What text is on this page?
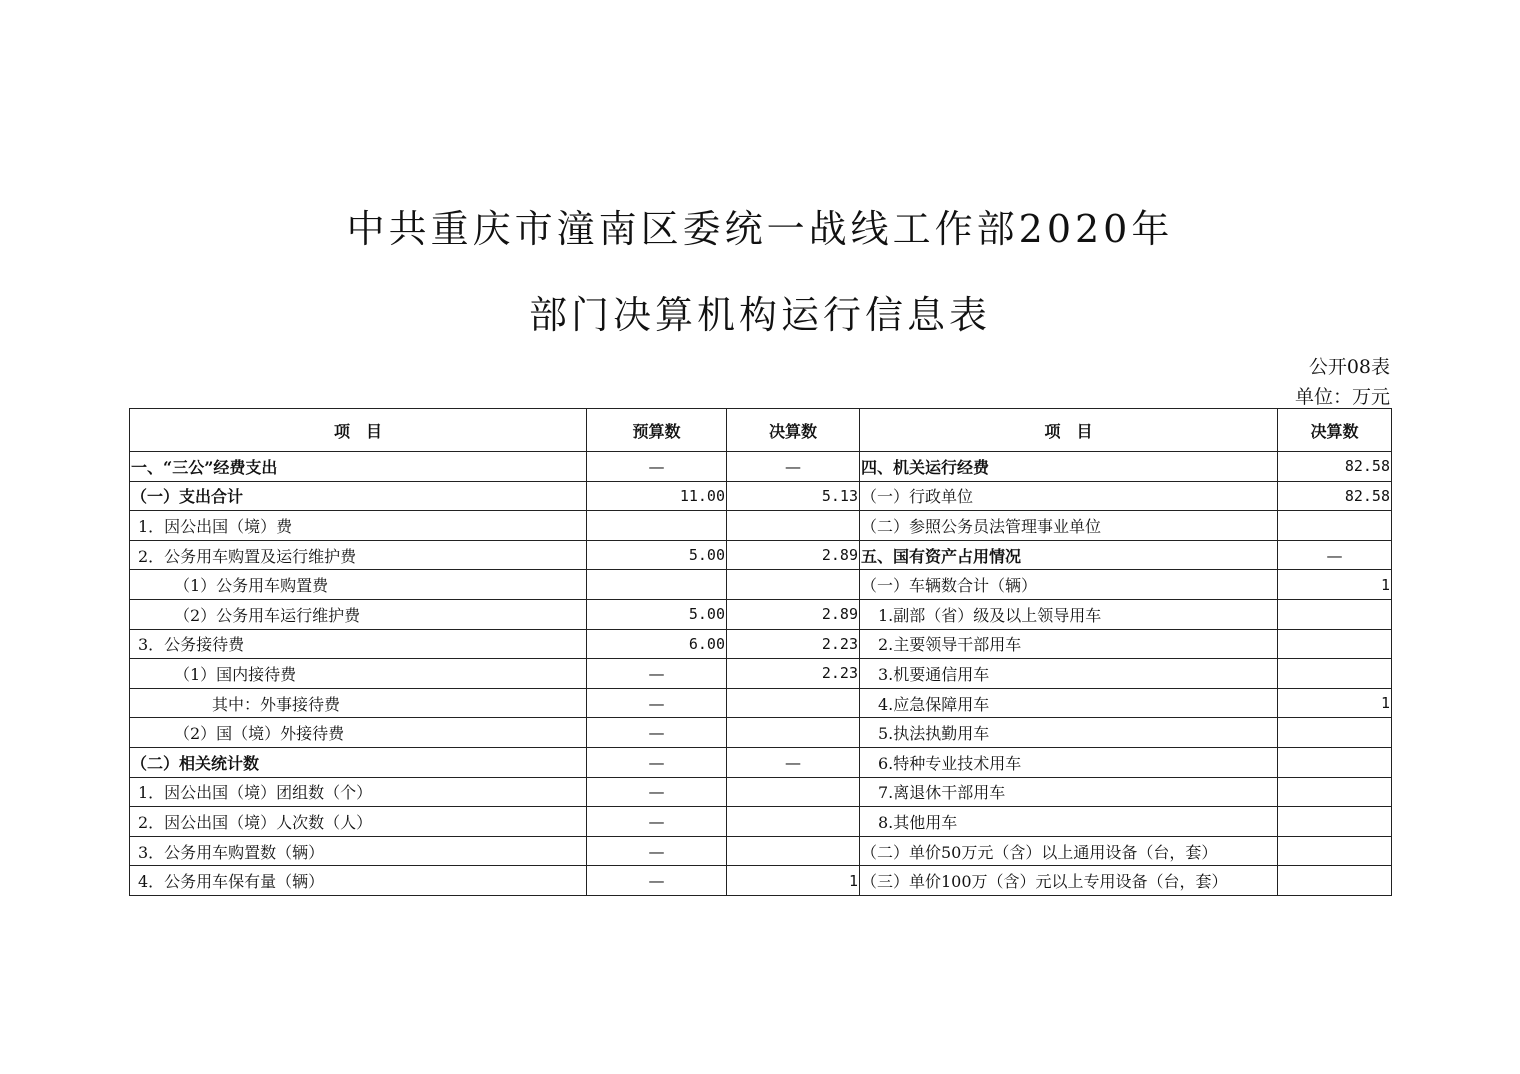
中共重庆市潼南区委统一战线工作部2020年
部门决算机构运行信息表
公开08表
单位：万元
项　目	预算数	决算数	项　目	决算数
一、“三公”经费支出	—	—	四、机关运行经费	82.58
（一）支出合计	11.00	5.13	（一）行政单位	82.58
1．因公出国（境）费			（二）参照公务员法管理事业单位	
2．公务用车购置及运行维护费	5.00	2.89	五、国有资产占用情况	—
（1）公务用车购置费			（一）车辆数合计（辆）	1
（2）公务用车运行维护费	5.00	2.89	1.副部（省）级及以上领导用车	
3．公务接待费	6.00	2.23	2.主要领导干部用车	
（1）国内接待费	—	2.23	3.机要通信用车	
其中：外事接待费	—		4.应急保障用车	1
（2）国（境）外接待费	—		5.执法执勤用车	
（二）相关统计数	—	—	6.特种专业技术用车	
1．因公出国（境）团组数（个）	—		7.离退休干部用车	
2．因公出国（境）人次数（人）	—		8.其他用车	
3．公务用车购置数（辆）	—		（二）单价50万元（含）以上通用设备（台，套）	
4．公务用车保有量（辆）	—	1	（三）单价100万（含）元以上专用设备（台，套）	
